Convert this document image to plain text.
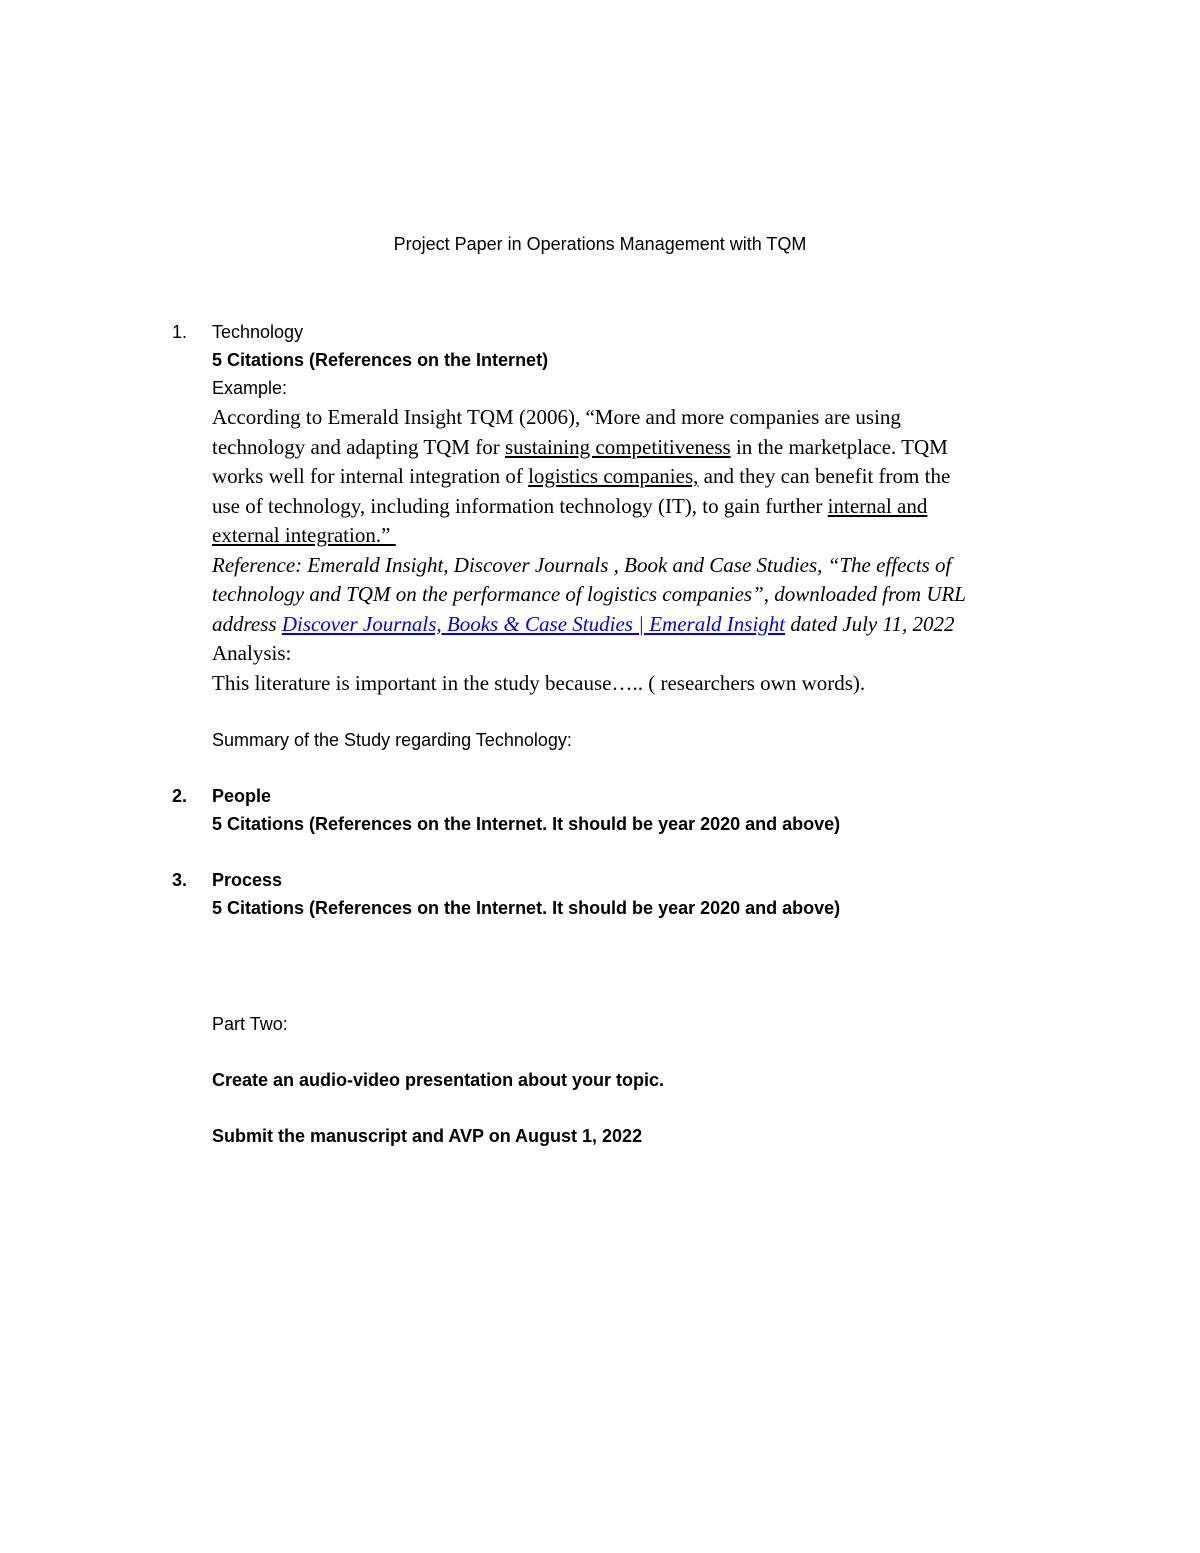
Project Paper in Operations Management with TQM
1.	Technology
5 Citations (References on the Internet)
Example:
According to Emerald Insight TQM (2006), “More and more companies are using
technology and adapting TQM for sustaining competitiveness in the marketplace. TQM
works well for internal integration of logistics companies, and they can benefit from the
use of technology, including information technology (IT), to gain further internal and
external integration.”
Reference: Emerald Insight, Discover Journals , Book and Case Studies, “The effects of
technology and TQM on the performance of logistics companies”, downloaded from URL
address Discover Journals, Books & Case Studies | Emerald Insight dated July 11, 2022
Analysis:
This literature is important in the study because….. ( researchers own words).
Summary of the Study regarding Technology:
2.	People
5 Citations (References on the Internet. It should be year 2020 and above)
3.	Process
5 Citations (References on the Internet. It should be year 2020 and above)
Part Two:
Create an audio-video presentation about your topic.
Submit the manuscript and AVP on August 1, 2022
